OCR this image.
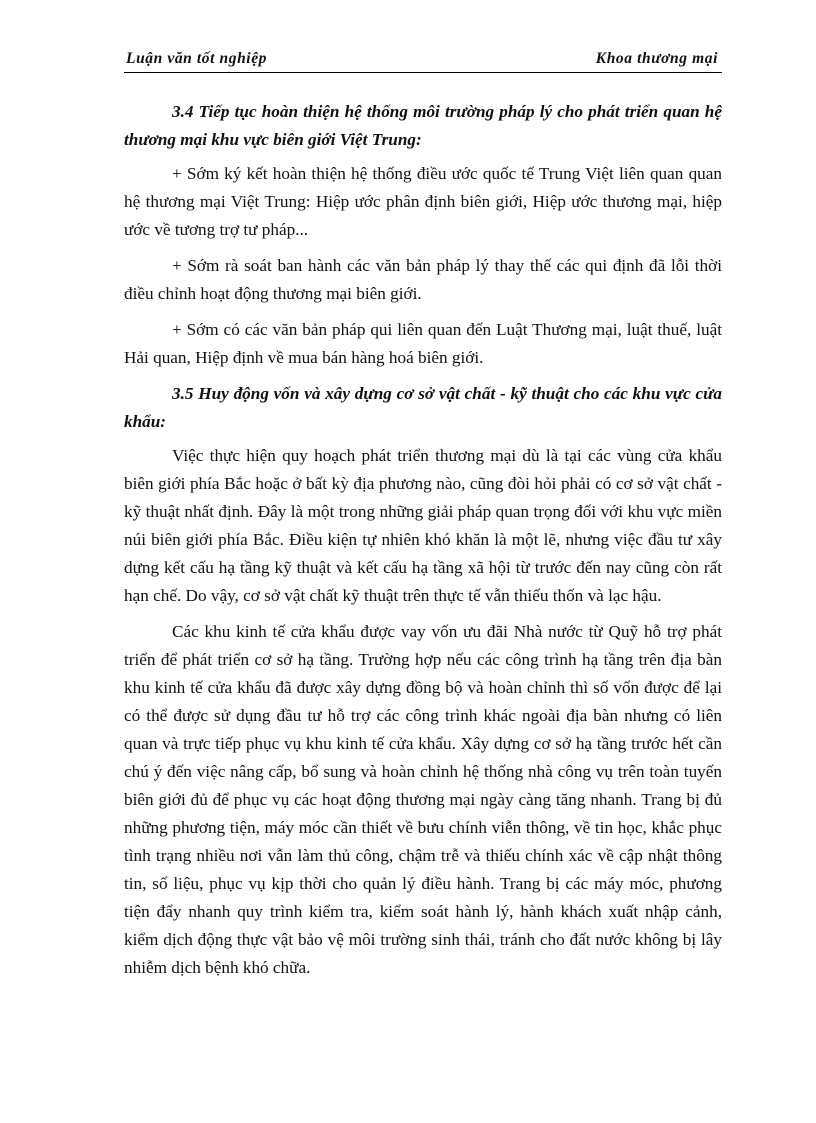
Luận văn tốt nghiệp	Khoa thương mại

3.4 Tiếp tục hoàn thiện hệ thống môi trường pháp lý cho phát triển quan hệ thương mại khu vực biên giới Việt Trung:

+ Sớm ký kết hoàn thiện hệ thống điều ước quốc tế Trung Việt liên quan quan hệ thương mại Việt Trung: Hiệp ước phân định biên giới, Hiệp ước thương mại, hiệp ước về tương trợ tư pháp...

+ Sớm rà soát ban hành các văn bản pháp lý thay thế các qui định đã lỗi thời điều chỉnh hoạt động thương mại biên giới.

+ Sớm có các văn bản pháp qui liên quan đến Luật Thương mại, luật thuế, luật Hải quan, Hiệp định về mua bán hàng hoá biên giới.

3.5 Huy động vốn và xây dựng cơ sở vật chất - kỹ thuật cho các khu vực cửa khẩu:

Việc thực hiện quy hoạch phát triển thương mại dù là tại các vùng cửa khẩu biên giới phía Bắc hoặc ở bất kỳ địa phương nào, cũng đòi hỏi phải có cơ sở vật chất - kỹ thuật nhất định. Đây là một trong những giải pháp quan trọng đối với khu vực miền núi biên giới phía Bắc. Điều kiện tự nhiên khó khăn là một lẽ, nhưng việc đầu tư xây dựng kết cấu hạ tầng kỹ thuật và kết cấu hạ tầng xã hội từ trước đến nay cũng còn rất hạn chế. Do vậy, cơ sở vật chất kỹ thuật trên thực tế vẫn thiếu thốn và lạc hậu.

Các khu kinh tế cửa khẩu được vay vốn ưu đãi Nhà nước từ Quỹ hỗ trợ phát triển để phát triển cơ sở hạ tầng. Trường hợp nếu các công trình hạ tầng trên địa bàn khu kinh tế cửa khẩu đã được xây dựng đồng bộ và hoàn chỉnh thì số vốn được để lại có thể được sử dụng đầu tư hỗ trợ các công trình khác ngoài địa bàn nhưng có liên quan và trực tiếp phục vụ khu kinh tế cửa khẩu. Xây dựng cơ sở hạ tầng trước hết cần chú ý đến việc nâng cấp, bổ sung và hoàn chỉnh hệ thống nhà công vụ trên toàn tuyến biên giới đủ để phục vụ các hoạt động thương mại ngày càng tăng nhanh. Trang bị đủ những phương tiện, máy móc cần thiết về bưu chính viễn thông, về tin học, khắc phục tình trạng nhiều nơi vẫn làm thủ công, chậm trễ và thiếu chính xác về cập nhật thông tin, số liệu, phục vụ kịp thời cho quản lý điều hành. Trang bị các máy móc, phương tiện đẩy nhanh quy trình kiểm tra, kiểm soát hành lý, hành khách xuất nhập cảnh, kiểm dịch động thực vật bảo vệ môi trường sinh thái, tránh cho đất nước không bị lây nhiễm dịch bệnh khó chữa.
